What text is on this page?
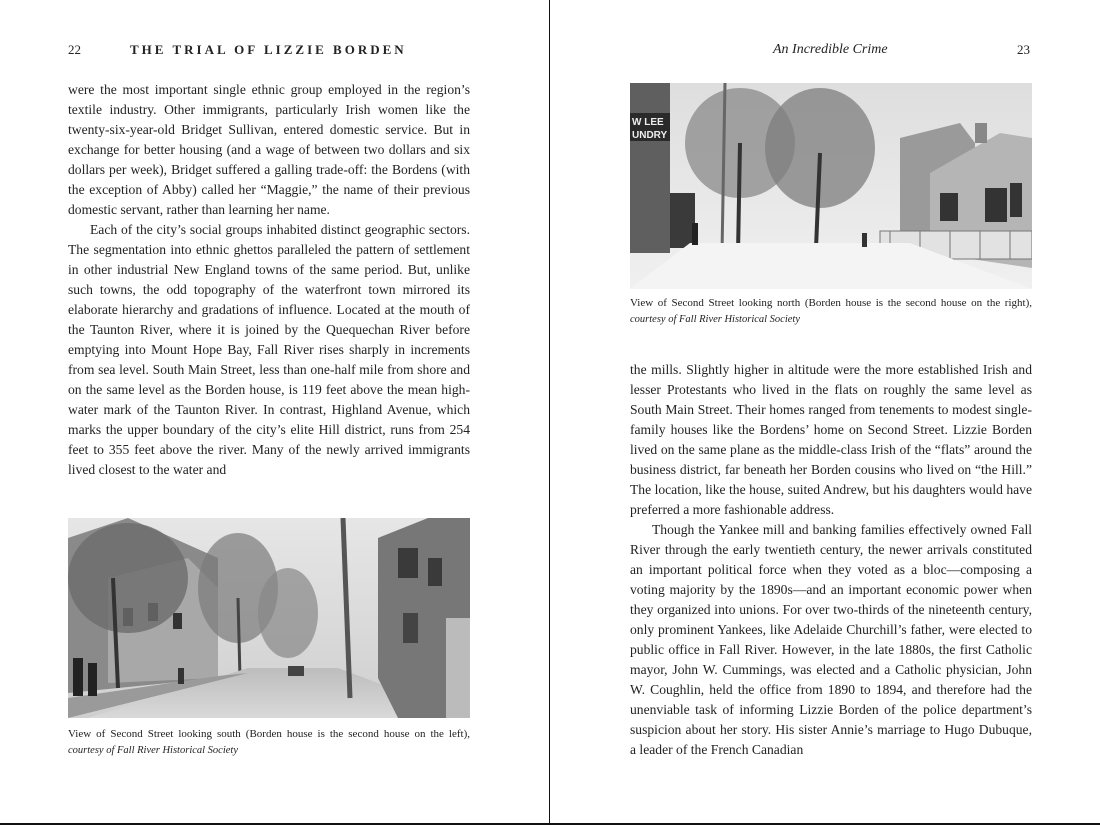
22	THE TRIAL OF LIZZIE BORDEN

were the most important single ethnic group employed in the region’s textile industry. Other immigrants, particularly Irish women like the twenty-six-year-old Bridget Sullivan, entered domestic service. But in exchange for better housing (and a wage of between two dollars and six dollars per week), Bridget suffered a galling trade-off: the Bordens (with the exception of Abby) called her “Maggie,” the name of their previous domestic servant, rather than learning her name.

Each of the city’s social groups inhabited distinct geographic sectors. The segmentation into ethnic ghettos paralleled the pattern of settlement in other industrial New England towns of the same period. But, unlike such towns, the odd topography of the waterfront town mirrored its elaborate hierarchy and gradations of influence. Located at the mouth of the Taunton River, where it is joined by the Quequechan River before emptying into Mount Hope Bay, Fall River rises sharply in increments from sea level. South Main Street, less than one-half mile from shore and on the same level as the Borden house, is 119 feet above the mean high-water mark of the Taunton River. In contrast, Highland Avenue, which marks the upper boundary of the city’s elite Hill district, runs from 254 feet to 355 feet above the river. Many of the newly arrived immigrants lived closest to the water and

View of Second Street looking south (Borden house is the second house on the left), courtesy of Fall River Historical Society
An Incredible Crime	23
W LEE
UNDRY
View of Second Street looking north (Borden house is the second house on the right), courtesy of Fall River Historical Society

the mills. Slightly higher in altitude were the more established Irish and lesser Protestants who lived in the flats on roughly the same level as South Main Street. Their homes ranged from tenements to modest single-family houses like the Bordens’ home on Second Street. Lizzie Borden lived on the same plane as the middle-class Irish of the “flats” around the business district, far beneath her Borden cousins who lived on “the Hill.” The location, like the house, suited Andrew, but his daughters would have preferred a more fashionable address.

Though the Yankee mill and banking families effectively owned Fall River through the early twentieth century, the newer arrivals constituted an important political force when they voted as a bloc—composing a voting majority by the 1890s—and an important economic power when they organized into unions. For over two-thirds of the nineteenth century, only prominent Yankees, like Adelaide Churchill’s father, were elected to public office in Fall River. However, in the late 1880s, the first Catholic mayor, John W. Cummings, was elected and a Catholic physician, John W. Coughlin, held the office from 1890 to 1894, and therefore had the unenviable task of informing Lizzie Borden of the police department’s suspicion about her story. His sister Annie’s marriage to Hugo Dubuque, a leader of the French Canadian
